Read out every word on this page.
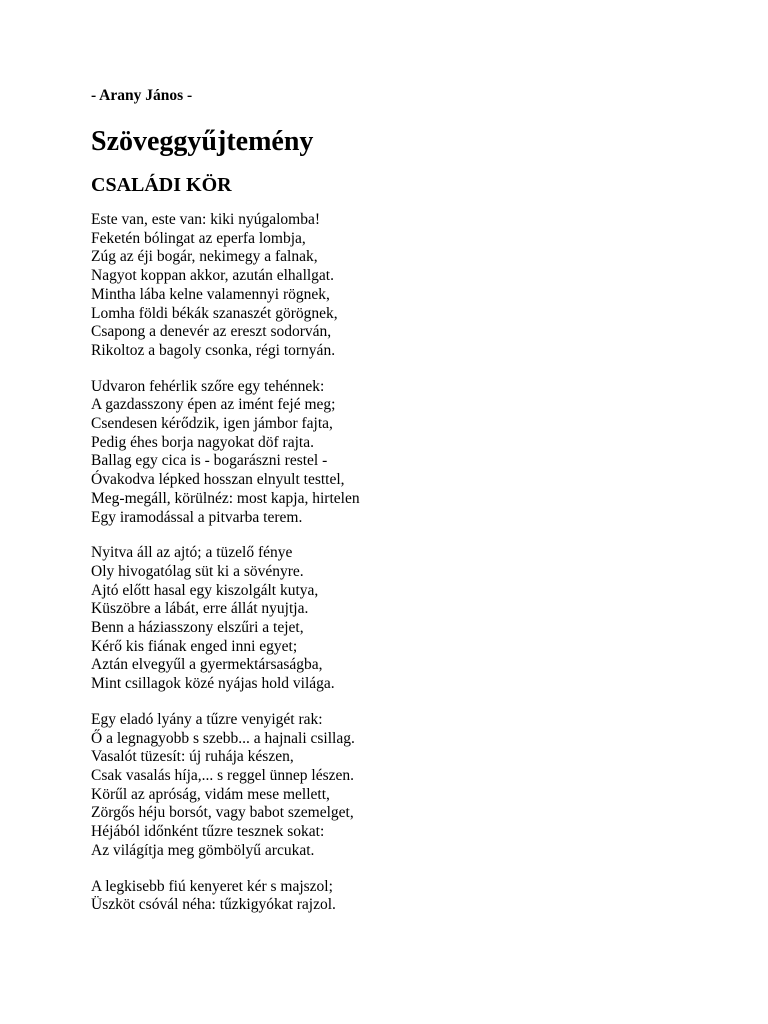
- Arany János -

Szöveggyűjtemény
CSALÁDI KÖR
Este van, este van: kiki nyúgalomba!
Feketén bólingat az eperfa lombja,
Zúg az éji bogár, nekimegy a falnak,
Nagyot koppan akkor, azután elhallgat.
Mintha lába kelne valamennyi rögnek,
Lomha földi békák szanaszét görögnek,
Csapong a denevér az ereszt sodorván,
Rikoltoz a bagoly csonka, régi tornyán.
Udvaron fehérlik szőre egy tehénnek:
A gazdasszony épen az imént fejé meg;
Csendesen kérődzik, igen jámbor fajta,
Pedig éhes borja nagyokat döf rajta.
Ballag egy cica is - bogarászni restel -
Óvakodva lépked hosszan elnyult testtel,
Meg-megáll, körülnéz: most kapja, hirtelen
Egy iramodással a pitvarba terem.
Nyitva áll az ajtó; a tüzelő fénye
Oly hivogatólag süt ki a sövényre.
Ajtó előtt hasal egy kiszolgált kutya,
Küszöbre a lábát, erre állát nyujtja.
Benn a háziasszony elszűri a tejet,
Kérő kis fiának enged inni egyet;
Aztán elvegyűl a gyermektársaságba,
Mint csillagok közé nyájas hold világa.
Egy eladó lyány a tűzre venyigét rak:
Ő a legnagyobb s szebb... a hajnali csillag.
Vasalót tüzesít: új ruhája készen,
Csak vasalás híja,... s reggel ünnep lészen.
Körűl az apróság, vidám mese mellett,
Zörgős héju borsót, vagy babot szemelget,
Héjából időnként tűzre tesznek sokat:
Az világítja meg gömbölyű arcukat.
A legkisebb fiú kenyeret kér s majszol;
Üszköt csóvál néha: tűzkigyókat rajzol.
